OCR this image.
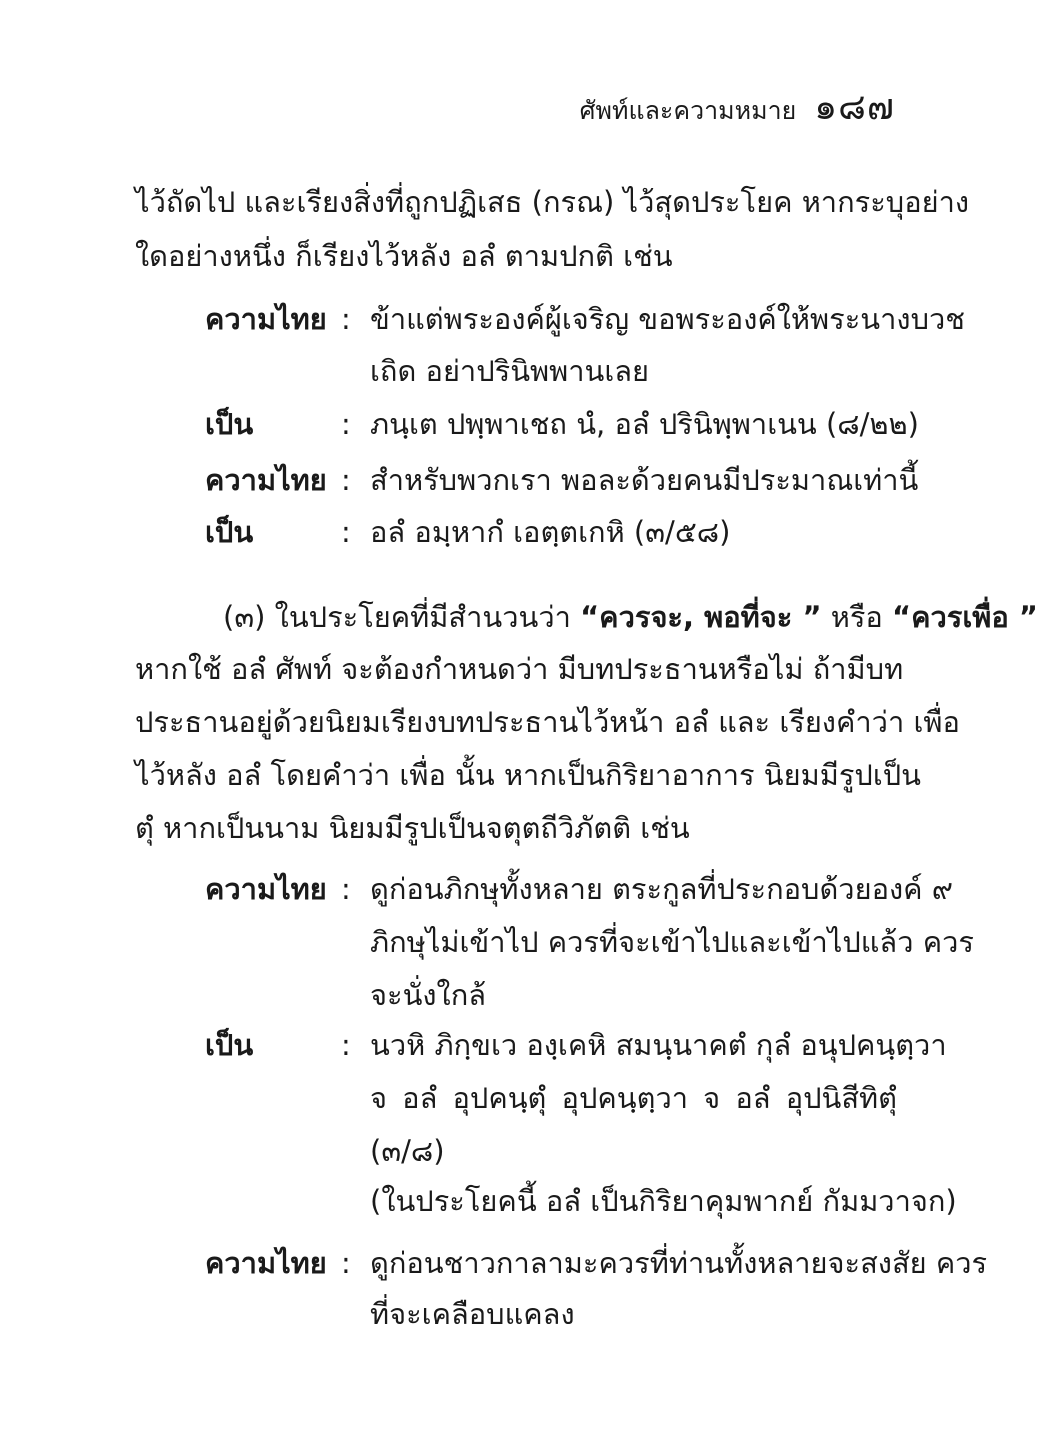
ศัพท์และความหมาย ๑๘๗
ไว้ถัดไป และเรียงสิ่งที่ถูกปฏิเสธ (กรณ) ไว้สุดประโยค หากระบุอย่าง
ใดอย่างหนึ่ง ก็เรียงไว้หลัง อลํ ตามปกติ เช่น
ความไทย : ข้าแต่พระองค์ผู้เจริญ ขอพระองค์ให้พระนางบวช
เถิด อย่าปรินิพพานเลย
เป็น	: ภนฺเต ปพฺพาเชถ นํ, อลํ ปรินิพฺพาเนน (๘/๒๒)
ความไทย : สำหรับพวกเรา พอละด้วยคนมีประมาณเท่านี้
เป็น	: อลํ อมฺหากํ เอตฺตเกหิ (๓/๕๘)
(๓) ในประโยคที่มีสำนวนว่า “ควรจะ, พอที่จะ ” หรือ “ควรเพื่อ ”
หากใช้ อลํ ศัพท์ จะต้องกำหนดว่า มีบทประธานหรือไม่ ถ้ามีบท
ประธานอยู่ด้วยนิยมเรียงบทประธานไว้หน้า อลํ และ เรียงคำว่า เพื่อ
ไว้หลัง อลํ โดยคำว่า เพื่อ นั้น หากเป็นกิริยาอาการ นิยมมีรูปเป็น
ตุํ หากเป็นนาม นิยมมีรูปเป็นจตุตถีวิภัตติ เช่น
ความไทย : ดูก่อนภิกษุทั้งหลาย ตระกูลที่ประกอบด้วยองค์ ๙
ภิกษุไม่เข้าไป ควรที่จะเข้าไปและเข้าไปแล้ว ควร
จะนั่งใกล้
เป็น	: นวหิ ภิกฺขเว องฺเคหิ สมนฺนาคตํ กุลํ อนุปคนฺตฺวา
จ อลํ อุปคนฺตุํ อุปคนฺตฺวา จ อลํ อุปนิสีทิตุํ
(๓/๘)
(ในประโยคนี้ อลํ เป็นกิริยาคุมพากย์ กัมมวาจก)
ความไทย : ดูก่อนชาวกาลามะควรที่ท่านทั้งหลายจะสงสัย ควร
ที่จะเคลือบแคลง
